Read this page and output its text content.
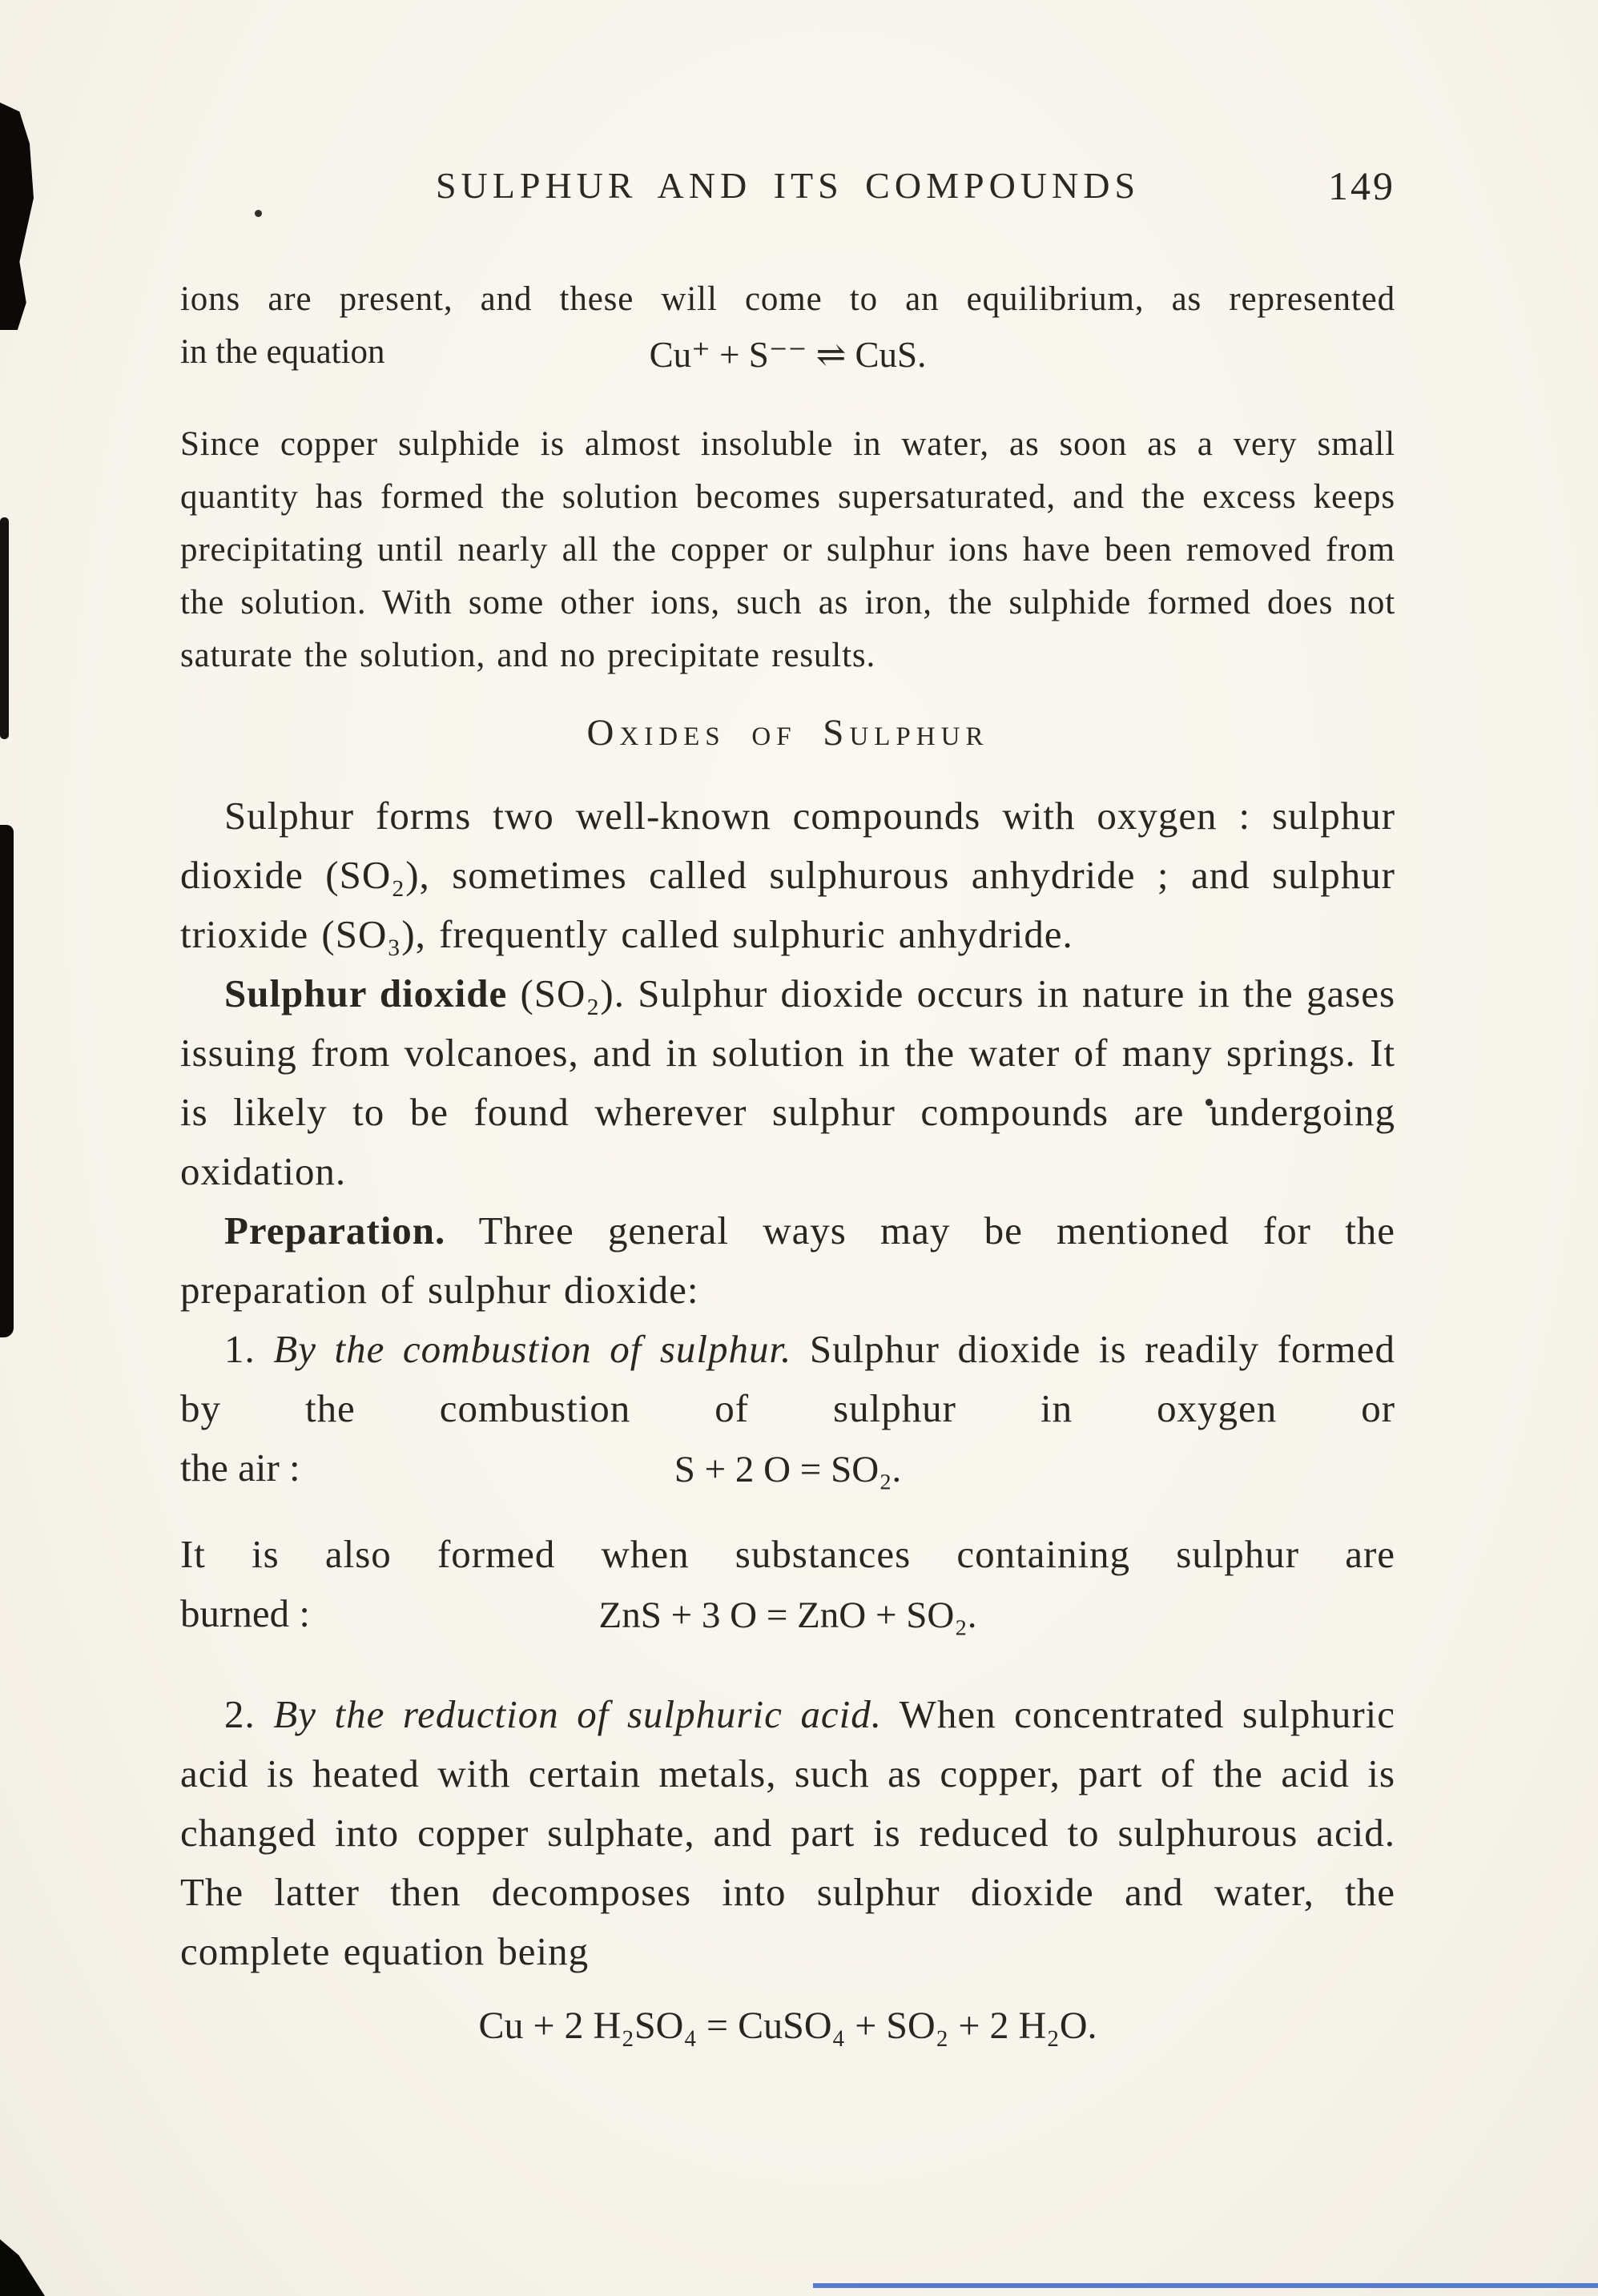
SULPHUR AND ITS COMPOUNDS	149

ions are present, and these will come to an equilibrium, as represented

in the equation	Cu⁺ + S⁻⁻ ⇌ CuS.

Since copper sulphide is almost insoluble in water, as soon as a very small quantity has formed the solution becomes supersaturated, and the excess keeps precipitating until nearly all the copper or sulphur ions have been removed from the solution. With some other ions, such as iron, the sulphide formed does not saturate the solution, and no precipitate results.

Oxides of Sulphur

Sulphur forms two well-known compounds with oxygen : sulphur dioxide (SO₂), sometimes called sulphurous anhydride ; and sulphur trioxide (SO₃), frequently called sulphuric anhydride.

Sulphur dioxide (SO₂). Sulphur dioxide occurs in nature in the gases issuing from volcanoes, and in solution in the water of many springs. It is likely to be found wherever sulphur compounds are undergoing oxidation.

Preparation. Three general ways may be mentioned for the preparation of sulphur dioxide:

1. By the combustion of sulphur. Sulphur dioxide is readily formed by the combustion of sulphur in oxygen or

the air :	S + 2 O = SO₂.

It is also formed when substances containing sulphur are

burned :	ZnS + 3 O = ZnO + SO₂.

2. By the reduction of sulphuric acid. When concentrated sulphuric acid is heated with certain metals, such as copper, part of the acid is changed into copper sulphate, and part is reduced to sulphurous acid. The latter then decomposes into sulphur dioxide and water, the complete equation being

Cu + 2 H₂SO₄ = CuSO₄ + SO₂ + 2 H₂O.
